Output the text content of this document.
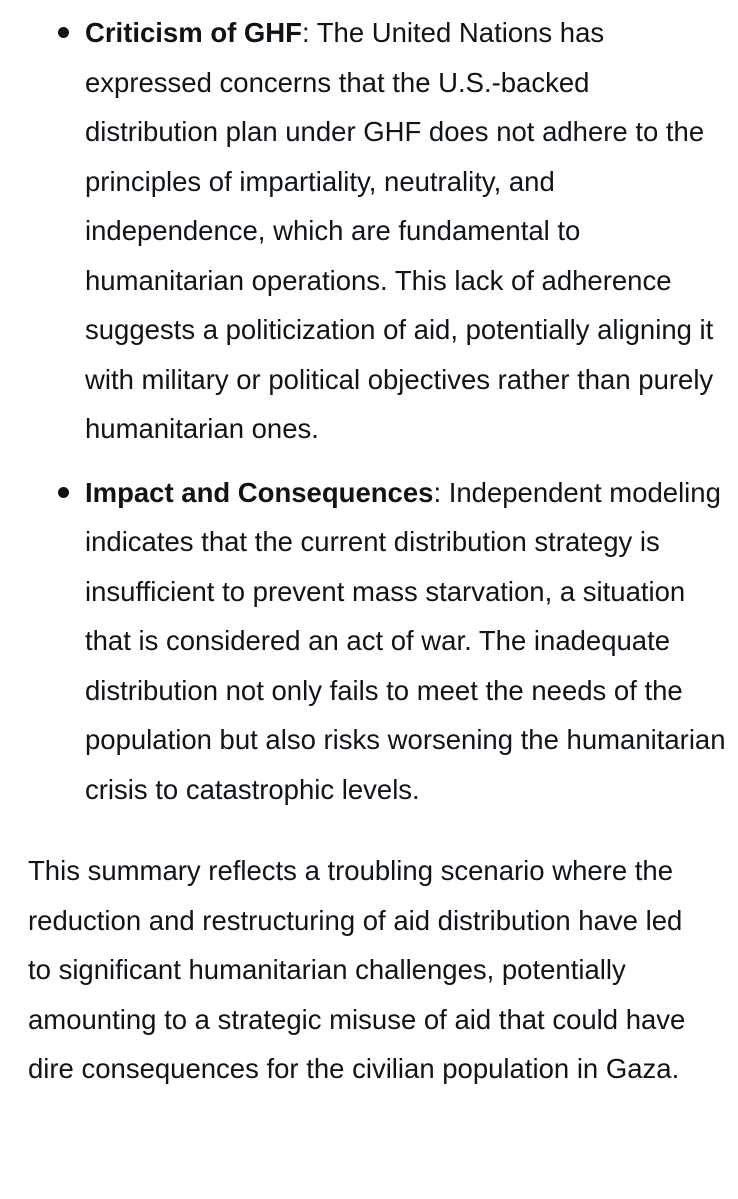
Criticism of GHF: The United Nations has expressed concerns that the U.S.-backed distribution plan under GHF does not adhere to the principles of impartiality, neutrality, and independence, which are fundamental to humanitarian operations. This lack of adherence suggests a politicization of aid, potentially aligning it with military or political objectives rather than purely humanitarian ones.
Impact and Consequences: Independent modeling indicates that the current distribution strategy is insufficient to prevent mass starvation, a situation that is considered an act of war. The inadequate distribution not only fails to meet the needs of the population but also risks worsening the humanitarian crisis to catastrophic levels.

This summary reflects a troubling scenario where the reduction and restructuring of aid distribution have led to significant humanitarian challenges, potentially amounting to a strategic misuse of aid that could have dire consequences for the civilian population in Gaza.
